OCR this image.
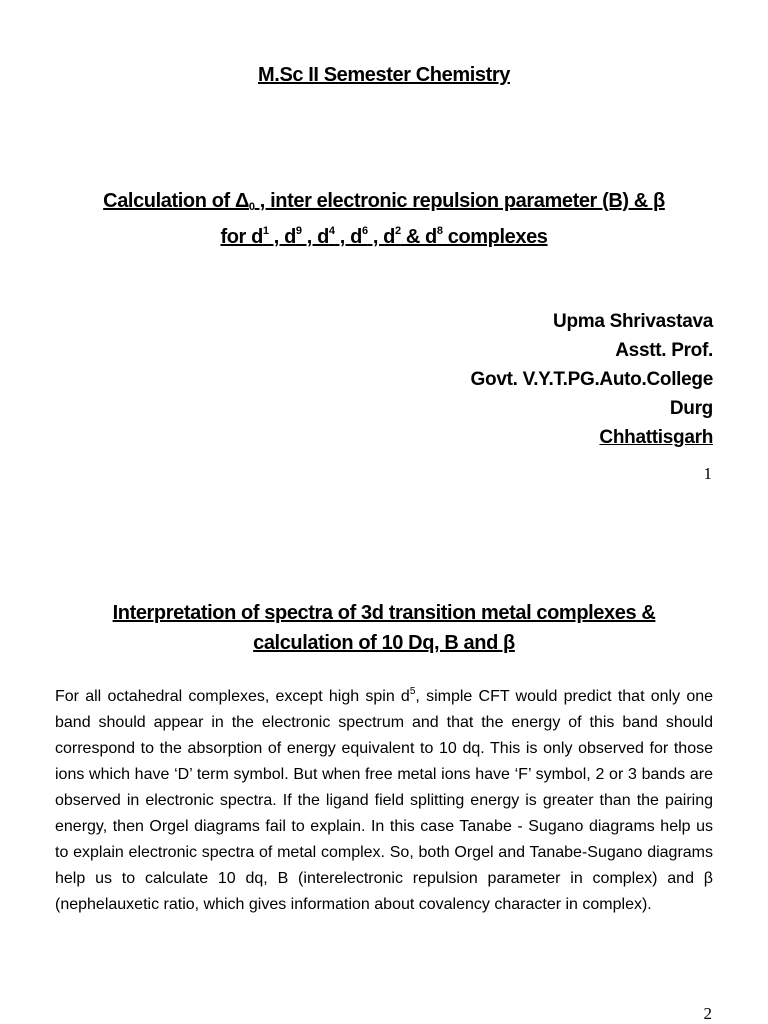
M.Sc II Semester Chemistry
Calculation of $\Delta_0$ , inter electronic repulsion parameter (B) & β
for $d^1$ , $d^9$ , $d^4$ , $d^6$ , $d^2$ & $d^8$ complexes
Upma Shrivastava
Asstt. Prof.
Govt. V.Y.T.PG.Auto.College
Durg
Chhattisgarh
1
Interpretation of spectra of 3d transition metal complexes &
calculation of 10 Dq, B and β

For all octahedral complexes, except high spin $d^5$, simple CFT would predict that only one band should appear in the electronic spectrum and that the energy of this band should correspond to the absorption of energy equivalent to 10 dq. This is only observed for those ions which have ‘D’ term symbol. But when free metal ions have ‘F’ symbol, 2 or 3 bands are observed in electronic spectra. If the ligand field splitting energy is greater than the pairing energy, then Orgel diagrams fail to explain. In this case Tanabe - Sugano diagrams help us to explain electronic spectra of metal complex. So, both Orgel and Tanabe-Sugano diagrams help us to calculate 10 dq, B (interelectronic repulsion parameter in complex) and β (nephelauxetic ratio, which gives information about covalency character in complex).

2
